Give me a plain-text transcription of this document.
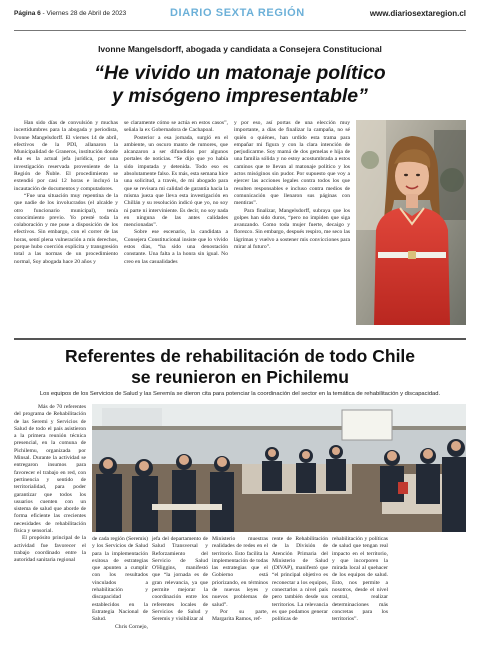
Página 6 - Viernes 28 de Abril de 2023	DIARIO SEXTA REGIÓN	www.diariosextaregion.cl
Ivonne Mangelsdorff, abogada y candidata a Consejera Constitucional
“He vivido un matonaje político
y misógeno impresentable”

Han sido días de convulsión y muchas incertidumbres para la abogada y periodista, Ivonne Mangelsdorff. El viernes 14 de abril, efectivos de la PDI, allanaron la Municipalidad de Graneros, institución donde ella es la actual jefa jurídica, por una investigación reservada proveniente de la Región de Ñuble. El procedimiento se extendió por casi 12 horas e incluyó la incautación de documentos y computadores.

“Fue una situación muy repentina de la que nadie de los involucrados (el alcalde y otro funcionario municipal), tenía conocimiento previo. Yo presté toda la colaboración y me puse a disposición de los efectivos. Sin embargo, con el correr de las horas, sentí plena vulneración a mis derechos, porque hubo coerción explícita y transgresión total a las normas de un procedimiento normal, Soy abogada hace 20 años y

se claramente cómo se actúa en estos casos”, señala la ex Gobernadora de Cachapoal.

Posterior a esa jornada, surgió en el ambiente, un oscuro manto de rumores, que alcanzaron a ser difundidos por algunos portales de noticias. “Se dijo que yo había sido imputada y detenida. Todo eso es absolutamente falso. Es más, esta semana hice una solicitud, a través, de mi abogado para que se revisara mi calidad de garantía hacia la misma jueza que lleva esta investigación en Chillán y su resolución indicó que yo, no soy ni parte ni interviniente. Es decir, no soy nada en ninguna de las antes calidades mencionadas”.

Sobre ese escenario, la candidata a Consejera Constitucional insiste que lo vivido estos días, “ha sido una denostación constante. Una falta a la honra sin igual. No creo en las casualidades

y por eso, así portas de una elección muy importante, a días de finalizar la campaña, no sé quién o quiénes, han urdido esta trama para empañar mi figura y con la clara intención de perjudicarme. Soy mamá de dos gemelas e hija de una familia sólida y no estoy acostumbrada a estos caminos que te llevan al matonaje político y los actos misóginos sin pudor. Por supuesto que voy a ejercer las acciones legales contra todos los que resulten responsables e incluso contra medios de comunicación que llenaron sus páginas con mentiras”.

Para finalizar, Mangelsdorff, subraya que los golpes han sido duros, “pero no impiden que siga avanzando. Como toda mujer fuerte, decaigo y florezco. Sin embargo, después respiro, me seco las lágrimas y vuelvo a sostener mis convicciones para mirar al futuro”.

Referentes de rehabilitación de todo Chile
se reunieron en Pichilemu
Los equipos de los Servicios de Salud y las Seremía se dieron cita para potenciar la coordinación del sector en la temática de rehabilitación y discapacidad.

Más de 70 referentes del programa de Rehabilitación de las Seremi y Servicios de Salud de todo el país asistieron a la primera reunión técnica presencial, en la comuna de Pichilemu, organizada por Minsal. Durante la actividad se entregaron insumos para favorecer el trabajo en red, con pertinencia y sentido de territorialidad, para poder garantizar que todos los usuarios cuenten con un sistema de salud que aborde de forma eficiente las crecientes necesidades de rehabilitación física y sensorial.

El propósito principal de la actividad fue favorecer el trabajo coordinado entre la autoridad sanitaria regional

de cada región (Seremis) y los Servicios de Salud para la implementación exitosa de estrategias que apunten a cumplir con los resultados vinculados a rehabilitación y discapacidad establecidos en la Estrategia Nacional de Salud.

Chris Cornejo,

jefa del departamento de Salud Transversal y Reforzamiento del Servicio de Salud O'Higgins, manifestó que “la jornada es de gran relevancia, ya que permite mejorar la coordinación entre los referentes locales de Servicios de Salud y Seremis y visibilizar al

Ministerio muestras realidades de redes en el territorio. Esto facilita la implementación de todas las estrategias que el Gobierno está priorizando, en términos de nuevas leyes y nuevos problemas de salud”.

Por su parte, Margarita Ramos, ref-

rente de Rehabilitación de la División de Atención Primaria del Ministerio de Salud (DIVAP), manifestó que “el principal objetivo es reconectar a los equipos, conectarlos a nivel país pero también desde sus territorios. La relevancia es que podamos generar políticas de

rehabilitación y políticas de salud que tengan real impacto en el territorio, y que incorporen la mirada local al quehacer de los equipos de salud. Esto, nos permite a nosotros, desde el nivel central, realizar determinaciones más concretas para los territorios”.
